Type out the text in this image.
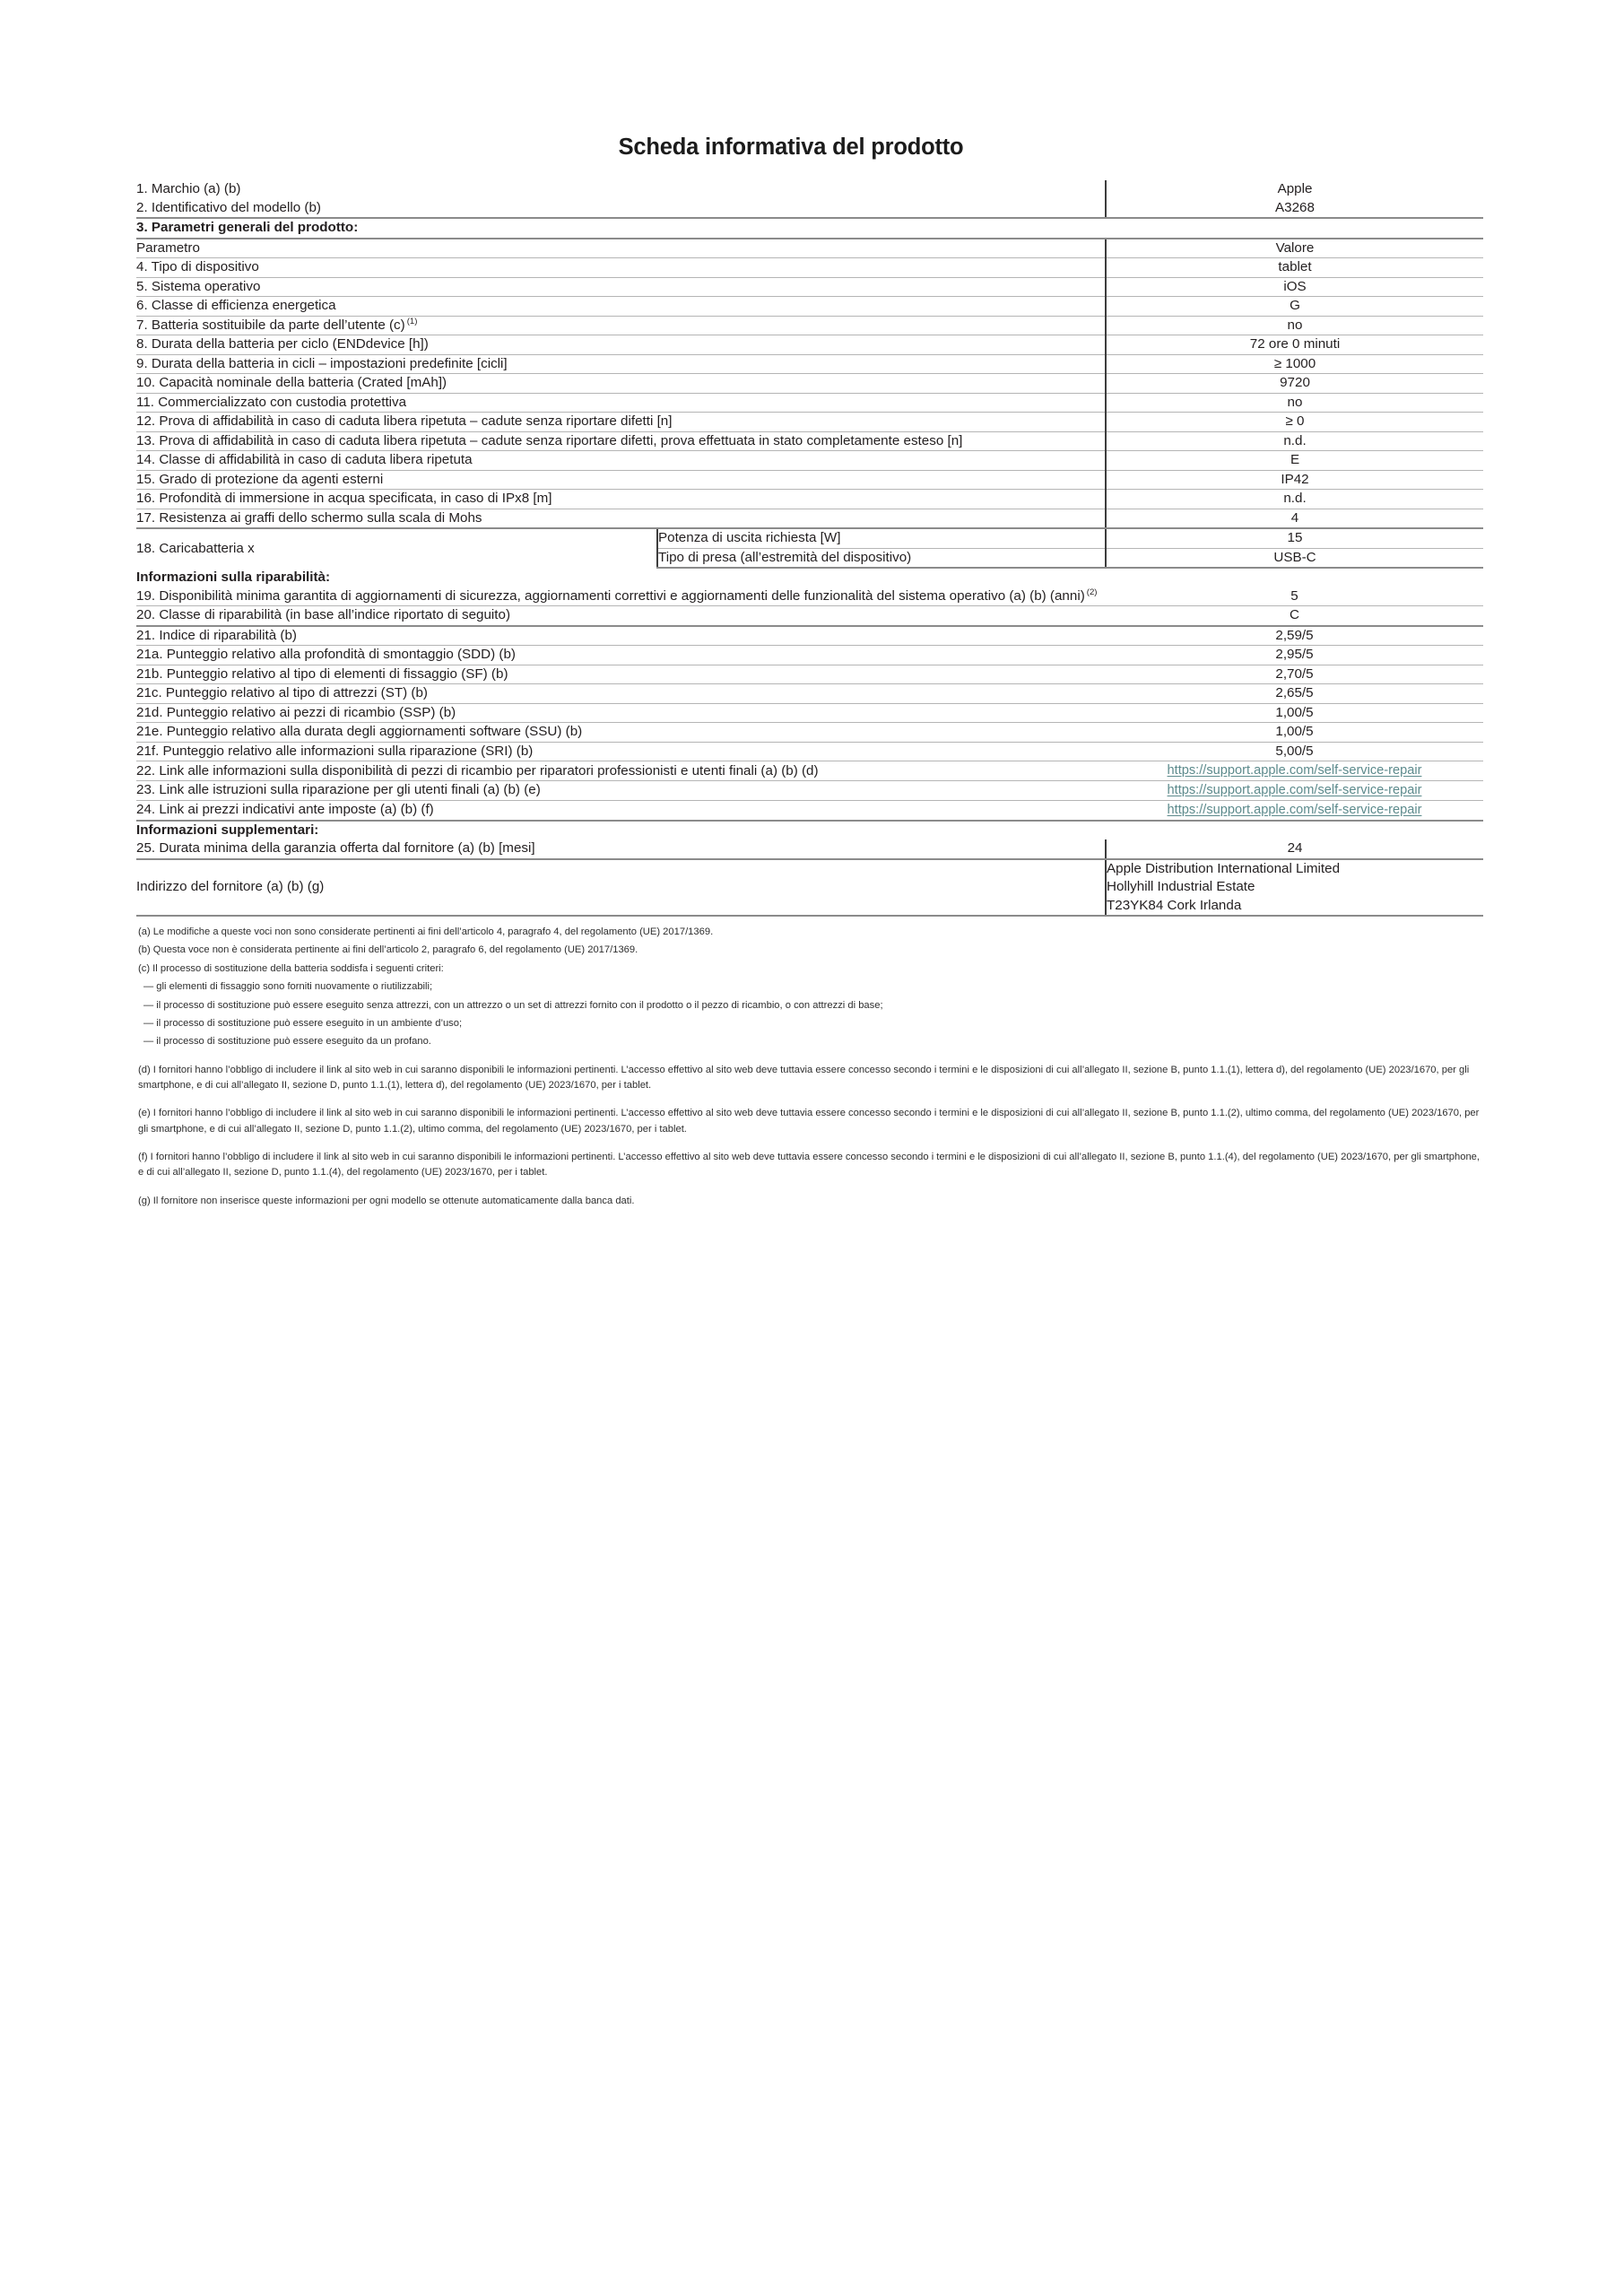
Scheda informativa del prodotto
1. Marchio (a) (b)	Apple
2. Identificativo del modello (b)	A3268
3. Parametri generali del prodotto:		
Parametro		Valore
4. Tipo di dispositivo		tablet
5. Sistema operativo		iOS
6. Classe di efficienza energetica		G
7. Batteria sostituibile da parte dell’utente (c) $^{(1)}$		no
8. Durata della batteria per ciclo (ENDdevice [h])		72 ore 0 minuti
9. Durata della batteria in cicli – impostazioni predefinite [cicli]		≥ 1000
10. Capacità nominale della batteria (Crated [mAh])		9720
11. Commercializzato con custodia protettiva		no
12. Prova di affidabilità in caso di caduta libera ripetuta – cadute senza riportare difetti [n]		≥ 0
13. Prova di affidabilità in caso di caduta libera ripetuta – cadute senza riportare difetti, prova effettuata in stato completamente esteso [n]		n.d.
14. Classe di affidabilità in caso di caduta libera ripetuta		E
15. Grado di protezione da agenti esterni		IP42
16. Profondità di immersione in acqua specificata, in caso di IPx8 [m]		n.d.
17. Resistenza ai graffi dello schermo sulla scala di Mohs		4
18. Caricabatteria x	Potenza di uscita richiesta [W]	15
	Tipo di presa (all’estremità del dispositivo)	USB-C
Informazioni sulla riparabilità:	
19. Disponibilità minima garantita di aggiornamenti di sicurezza, aggiornamenti correttivi e aggiornamenti delle funzionalità del sistema operativo (a) (b) (anni) $^{(2)}$	5
20. Classe di riparabilità (in base all’indice riportato di seguito)	C
21. Indice di riparabilità (b)	2,59/5
21a. Punteggio relativo alla profondità di smontaggio (SDD) (b)	2,95/5
21b. Punteggio relativo al tipo di elementi di fissaggio (SF) (b)	2,70/5
21c. Punteggio relativo al tipo di attrezzi (ST) (b)	2,65/5
21d. Punteggio relativo ai pezzi di ricambio (SSP) (b)	1,00/5
21e. Punteggio relativo alla durata degli aggiornamenti software (SSU) (b)	1,00/5
21f. Punteggio relativo alle informazioni sulla riparazione (SRI) (b)	5,00/5
22. Link alle informazioni sulla disponibilità di pezzi di ricambio per riparatori professionisti e utenti finali (a) (b) (d)	https://support.apple.com/self-service-repair
23. Link alle istruzioni sulla riparazione per gli utenti finali (a) (b) (e)	https://support.apple.com/self-service-repair
24. Link ai prezzi indicativi ante imposte (a) (b) (f)	https://support.apple.com/self-service-repair
Informazioni supplementari:	
25. Durata minima della garanzia offerta dal fornitore (a) (b) [mesi]	24
Indirizzo del fornitore (a) (b) (g)	Apple Distribution International Limited
Hollyhill Industrial Estate
T23YK84 Cork Irlanda

(a) Le modifiche a queste voci non sono considerate pertinenti ai fini dell’articolo 4, paragrafo 4, del regolamento (UE) 2017/1369.

(b) Questa voce non è considerata pertinente ai fini dell’articolo 2, paragrafo 6, del regolamento (UE) 2017/1369.

(c) Il processo di sostituzione della batteria soddisfa i seguenti criteri:

— gli elementi di fissaggio sono forniti nuovamente o riutilizzabili;

— il processo di sostituzione può essere eseguito senza attrezzi, con un attrezzo o un set di attrezzi fornito con il prodotto o il pezzo di ricambio, o con attrezzi di base;

— il processo di sostituzione può essere eseguito in un ambiente d’uso;

— il processo di sostituzione può essere eseguito da un profano.

(d) I fornitori hanno l’obbligo di includere il link al sito web in cui saranno disponibili le informazioni pertinenti. L’accesso effettivo al sito web deve tuttavia essere concesso secondo i termini e le disposizioni di cui all’allegato II, sezione B, punto 1.1.(1), lettera d), del regolamento (UE) 2023/1670, per gli smartphone, e di cui all’allegato II, sezione D, punto 1.1.(1), lettera d), del regolamento (UE) 2023/1670, per i tablet.

(e) I fornitori hanno l’obbligo di includere il link al sito web in cui saranno disponibili le informazioni pertinenti. L’accesso effettivo al sito web deve tuttavia essere concesso secondo i termini e le disposizioni di cui all’allegato II, sezione B, punto 1.1.(2), ultimo comma, del regolamento (UE) 2023/1670, per gli smartphone, e di cui all’allegato II, sezione D, punto 1.1.(2), ultimo comma, del regolamento (UE) 2023/1670, per i tablet.

(f) I fornitori hanno l’obbligo di includere il link al sito web in cui saranno disponibili le informazioni pertinenti. L’accesso effettivo al sito web deve tuttavia essere concesso secondo i termini e le disposizioni di cui all’allegato II, sezione B, punto 1.1.(4), del regolamento (UE) 2023/1670, per gli smartphone, e di cui all’allegato II, sezione D, punto 1.1.(4), del regolamento (UE) 2023/1670, per i tablet.

(g) Il fornitore non inserisce queste informazioni per ogni modello se ottenute automaticamente dalla banca dati.
